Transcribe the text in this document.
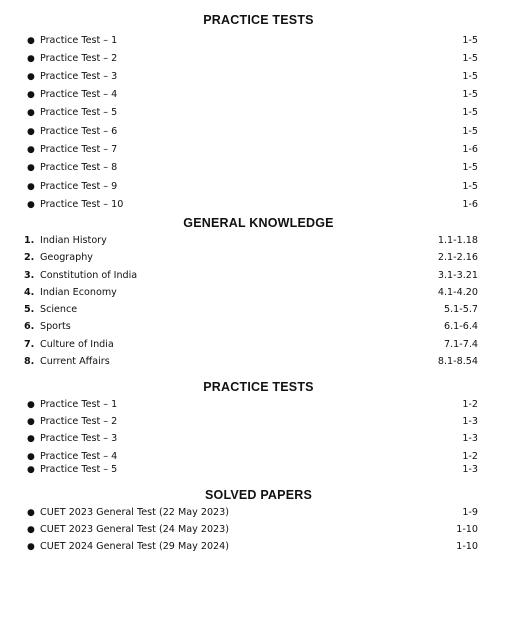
PRACTICE TESTS
● Practice Test – 1	1-5
● Practice Test – 2	1-5
● Practice Test – 3	1-5
● Practice Test – 4	1-5
● Practice Test – 5	1-5
● Practice Test – 6	1-5
● Practice Test – 7	1-6
● Practice Test – 8	1-5
● Practice Test – 9	1-5
● Practice Test – 10	1-6
GENERAL KNOWLEDGE
1. Indian History	1.1-1.18
2. Geography	2.1-2.16
3. Constitution of India	3.1-3.21
4. Indian Economy	4.1-4.20
5. Science	5.1-5.7
6. Sports	6.1-6.4
7. Culture of India	7.1-7.4
8. Current Affairs	8.1-8.54
PRACTICE TESTS
● Practice Test – 1	1-2
● Practice Test – 2	1-3
● Practice Test – 3	1-3
● Practice Test – 4	1-2
● Practice Test – 5	1-3
SOLVED PAPERS
● CUET 2023 General Test (22 May 2023)	1-9
● CUET 2023 General Test (24 May 2023)	1-10
● CUET 2024 General Test (29 May 2024)	1-10
